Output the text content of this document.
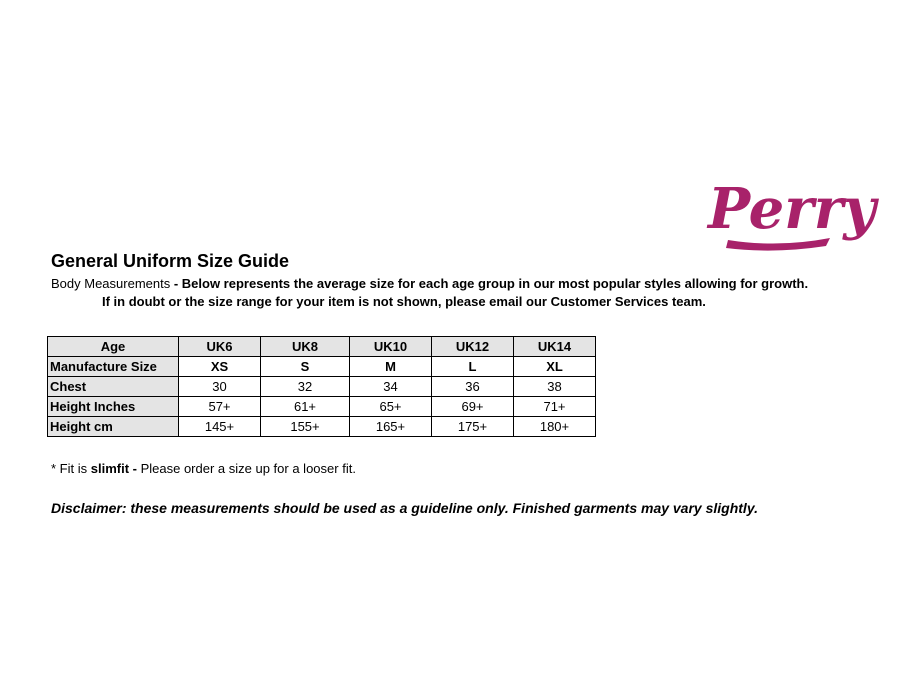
Perry
General Uniform Size Guide
Body Measurements - Below represents the average size for each age group in our most popular styles allowing for growth.
If in doubt or the size range for your item is not shown, please email our Customer Services team.
Age	UK6	UK8	UK10	UK12	UK14
Manufacture Size	XS	S	M	L	XL
Chest	30	32	34	36	38
Height Inches	57+	61+	65+	69+	71+
Height cm	145+	155+	165+	175+	180+
* Fit is slimfit - Please order a size up for a looser fit.
Disclaimer: these measurements should be used as a guideline only. Finished garments may vary slightly.
